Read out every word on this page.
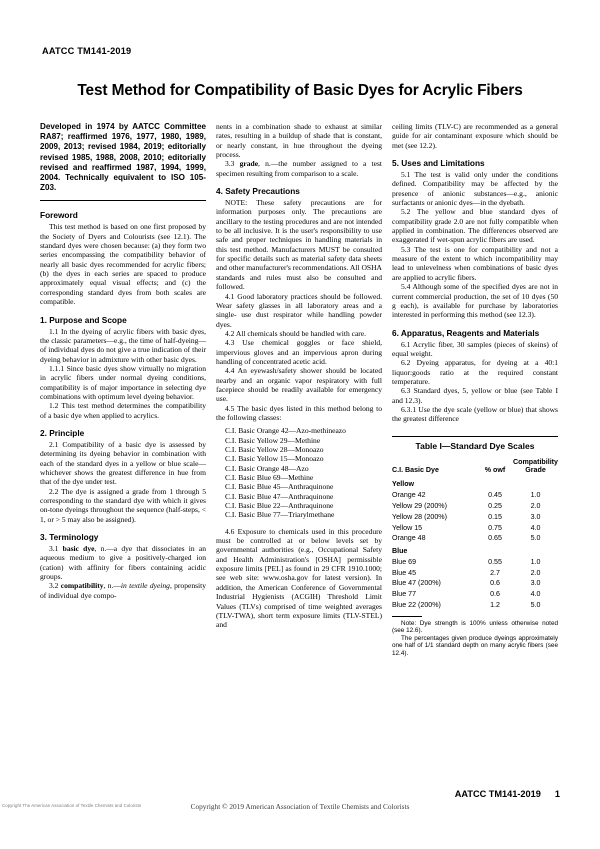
AATCC TM141-2019
Test Method for Compatibility of Basic Dyes for Acrylic Fibers

Developed in 1974 by AATCC Committee RA87; reaffirmed 1976, 1977, 1980, 1989, 2009, 2013; revised 1984, 2019; editorially revised 1985, 1988, 2008, 2010; editorially revised and reaffirmed 1987, 1994, 1999, 2004. Technically equivalent to ISO 105-Z03.

Foreword

This test method is based on one first proposed by the Society of Dyers and Colourists (see 12.1). The standard dyes were chosen because: (a) they form two series encompassing the compatibility behavior of nearly all basic dyes recommended for acrylic fibers; (b) the dyes in each series are spaced to produce approximately equal visual effects; and (c) the corresponding standard dyes from both scales are compatible.

1. Purpose and Scope

1.1 In the dyeing of acrylic fibers with basic dyes, the classic parameters—e.g., the time of half-dyeing—of individual dyes do not give a true indication of their dyeing behavior in admixture with other basic dyes.

1.1.1 Since basic dyes show virtually no migration in acrylic fibers under normal dyeing conditions, compatibility is of major importance in selecting dye combinations with optimum level dyeing behavior.

1.2 This test method determines the compatibility of a basic dye when applied to acrylics.

2. Principle

2.1 Compatibility of a basic dye is assessed by determining its dyeing behavior in combination with each of the standard dyes in a yellow or blue scale—whichever shows the greatest difference in hue from that of the dye under test.

2.2 The dye is assigned a grade from 1 through 5 corresponding to the standard dye with which it gives on-tone dyeings throughout the sequence (half-steps, < 1, or > 5 may also be assigned).

3. Terminology

3.1 basic dye, n.—a dye that dissociates in an aqueous medium to give a positively-charged ion (cation) with affinity for fibers containing acidic groups.

3.2 compatibility, n.—in textile dyeing, propensity of individual dye compo-

nents in a combination shade to exhaust at similar rates, resulting in a buildup of shade that is constant, or nearly constant, in hue throughout the dyeing process.

3.3 grade, n.—the number assigned to a test specimen resulting from comparison to a scale.

4. Safety Precautions

NOTE: These safety precautions are for information purposes only. The precautions are ancillary to the testing procedures and are not intended to be all inclusive. It is the user's responsibility to use safe and proper techniques in handling materials in this test method. Manufacturers MUST be consulted for specific details such as material safety data sheets and other manufacturer's recommendations. All OSHA standards and rules must also be consulted and followed.

4.1 Good laboratory practices should be followed. Wear safety glasses in all laboratory areas and a single- use dust respirator while handling powder dyes.

4.2 All chemicals should be handled with care.

4.3 Use chemical goggles or face shield, impervious gloves and an impervious apron during handling of concentrated acetic acid.

4.4 An eyewash/safety shower should be located nearby and an organic vapor respiratory with full facepiece should be readily available for emergency use.

4.5 The basic dyes listed in this method belong to the following classes:

C.I. Basic Orange 42—Azo-methineazo
C.I. Basic Yellow 29—Methine
C.I. Basic Yellow 28—Monoazo
C.I. Basic Yellow 15—Monoazo
C.I. Basic Orange 48—Azo
C.I. Basic Blue 69—Methine
C.I. Basic Blue 45—Anthraquinone
C.I. Basic Blue 47—Anthraquinone
C.I. Basic Blue 22—Anthraquinone
C.I. Basic Blue 77—Triarylmethane

4.6 Exposure to chemicals used in this procedure must be controlled at or below levels set by governmental authorities (e.g., Occupational Safety and Health Administration's [OSHA] permissible exposure limits [PEL] as found in 29 CFR 1910.1000; see web site: www.osha.gov for latest version). In addition, the American Conference of Governmental Industrial Hygienists (ACGIH) Threshold Limit Values (TLVs) comprised of time weighted averages (TLV-TWA), short term exposure limits (TLV-STEL) and

ceiling limits (TLV-C) are recommended as a general guide for air contaminant exposure which should be met (see 12.2).

5. Uses and Limitations

5.1 The test is valid only under the conditions defined. Compatibility may be affected by the presence of anionic substances—e.g., anionic surfactants or anionic dyes—in the dyebath.

5.2 The yellow and blue standard dyes of compatibility grade 2.0 are not fully compatible when applied in combination. The differences observed are exaggerated if wet-spun acrylic fibers are used.

5.3 The test is one for compatibility and not a measure of the extent to which incompatibility may lead to unlevelness when combinations of basic dyes are applied to acrylic fibers.

5.4 Although some of the specified dyes are not in current commercial production, the set of 10 dyes (50 g each), is available for purchase by laboratories interested in performing this method (see 12.3).

6. Apparatus, Reagents and Materials

6.1 Acrylic fiber, 30 samples (pieces of skeins) of equal weight.

6.2 Dyeing apparatus, for dyeing at a 40:1 liquor:goods ratio at the required constant temperature.

6.3 Standard dyes, 5, yellow or blue (see Table I and 12.3).

6.3.1 Use the dye scale (yellow or blue) that shows the greatest difference

Table I—Standard Dye Scales
C.I. Basic Dye	% owf	Compatibility
Grade
Yellow		
Orange 42	0.45	1.0
Yellow 29 (200%)	0.25	2.0
Yellow 28 (200%)	0.15	3.0
Yellow 15	0.75	4.0
Orange 48	0.65	5.0
Blue		
Blue 69	0.55	1.0
Blue 45	2.7	2.0
Blue 47 (200%)	0.6	3.0
Blue 77	0.6	4.0
Blue 22 (200%)	1.2	5.0

Note: Dye strength is 100% unless otherwise noted (see 12.6).

The percentages given produce dyeings approximately one half of 1/1 standard depth on many acrylic fibers (see 12.4).

AATCC TM141-2019 1
Copyright The American Association of Textile Chemists and Colorists	Copyright © 2019 American Association of Textile Chemists and Colorists
